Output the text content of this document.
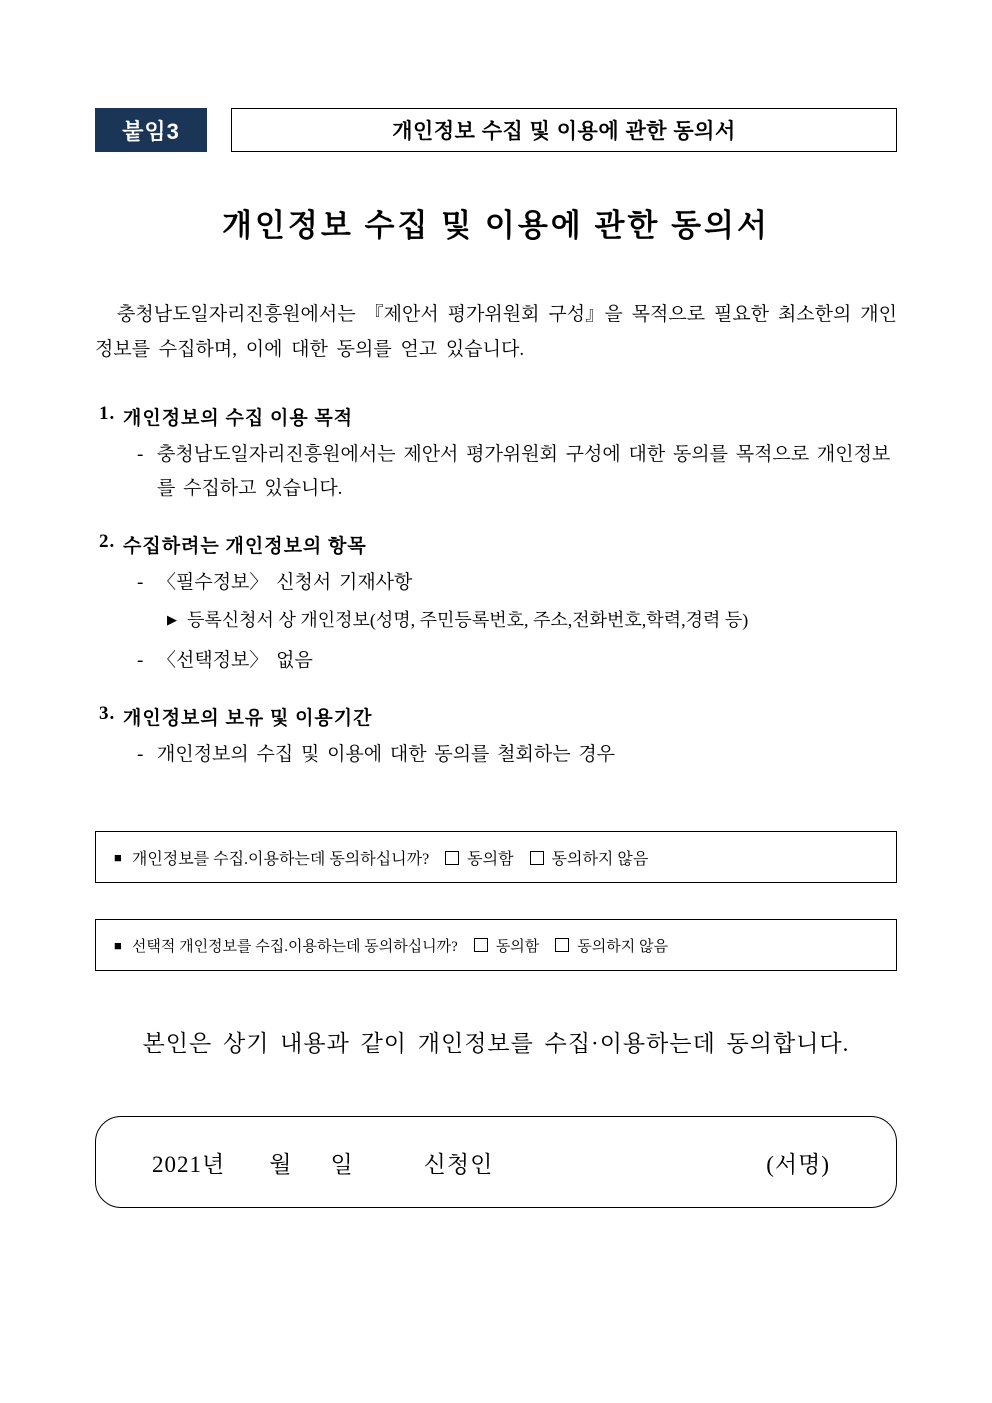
붙임3	개인정보 수집 및 이용에 관한 동의서
개인정보 수집 및 이용에 관한 동의서
충청남도일자리진흥원에서는 『제안서 평가위원회 구성』을 목적으로 필요한 최소한의 개인정보를 수집하며, 이에 대한 동의를 얻고 있습니다.
1. 개인정보의 수집 이용 목적
- 충청남도일자리진흥원에서는 제안서 평가위원회 구성에 대한 동의를 목적으로 개인정보를 수집하고 있습니다.
2. 수집하려는 개인정보의 항목
- 〈필수정보〉 신청서 기재사항
▶ 등록신청서 상 개인정보(성명, 주민등록번호, 주소,전화번호,학력,경력 등)
- 〈선택정보〉 없음
3. 개인정보의 보유 및 이용기간
- 개인정보의 수집 및 이용에 대한 동의를 철회하는 경우
■ 개인정보를 수집.이용하는데 동의하십니까?	동의함	동의하지 않음
■ 선택적 개인정보를 수집.이용하는데 동의하십니까?	동의함	동의하지 않음
본인은 상기 내용과 같이 개인정보를 수집·이용하는데 동의합니다.
2021년 월 일	신청인	(서명)
